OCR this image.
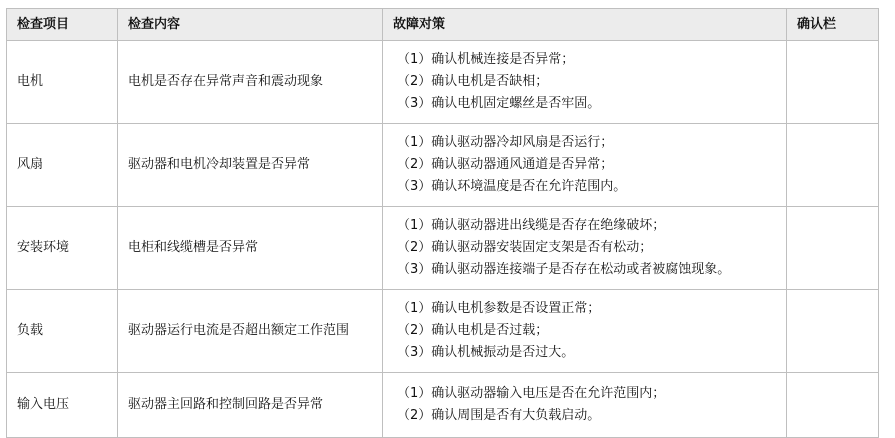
检查项目	检查内容	故障对策	确认栏
电机	电机是否存在异常声音和震动现象	（1）确认机械连接是否异常；
（2）确认电机是否缺相；
（3）确认电机固定螺丝是否牢固。	

风扇	驱动器和电机冷却装置是否异常	（1）确认驱动器冷却风扇是否运行；
（2）确认驱动器通风通道是否异常；
（3）确认环境温度是否在允许范围内。	

安装环境	电柜和线缆槽是否异常	（1）确认驱动器进出线缆是否存在绝缘破坏；
（2）确认驱动器安装固定支架是否有松动；
（3）确认驱动器连接端子是否存在松动或者被腐蚀现象。	

负载	驱动器运行电流是否超出额定工作范围	（1）确认电机参数是否设置正常；
（2）确认电机是否过载；
（3）确认机械振动是否过大。	

输入电压	驱动器主回路和控制回路是否异常	（1）确认驱动器输入电压是否在允许范围内；
（2）确认周围是否有大负载启动。	
